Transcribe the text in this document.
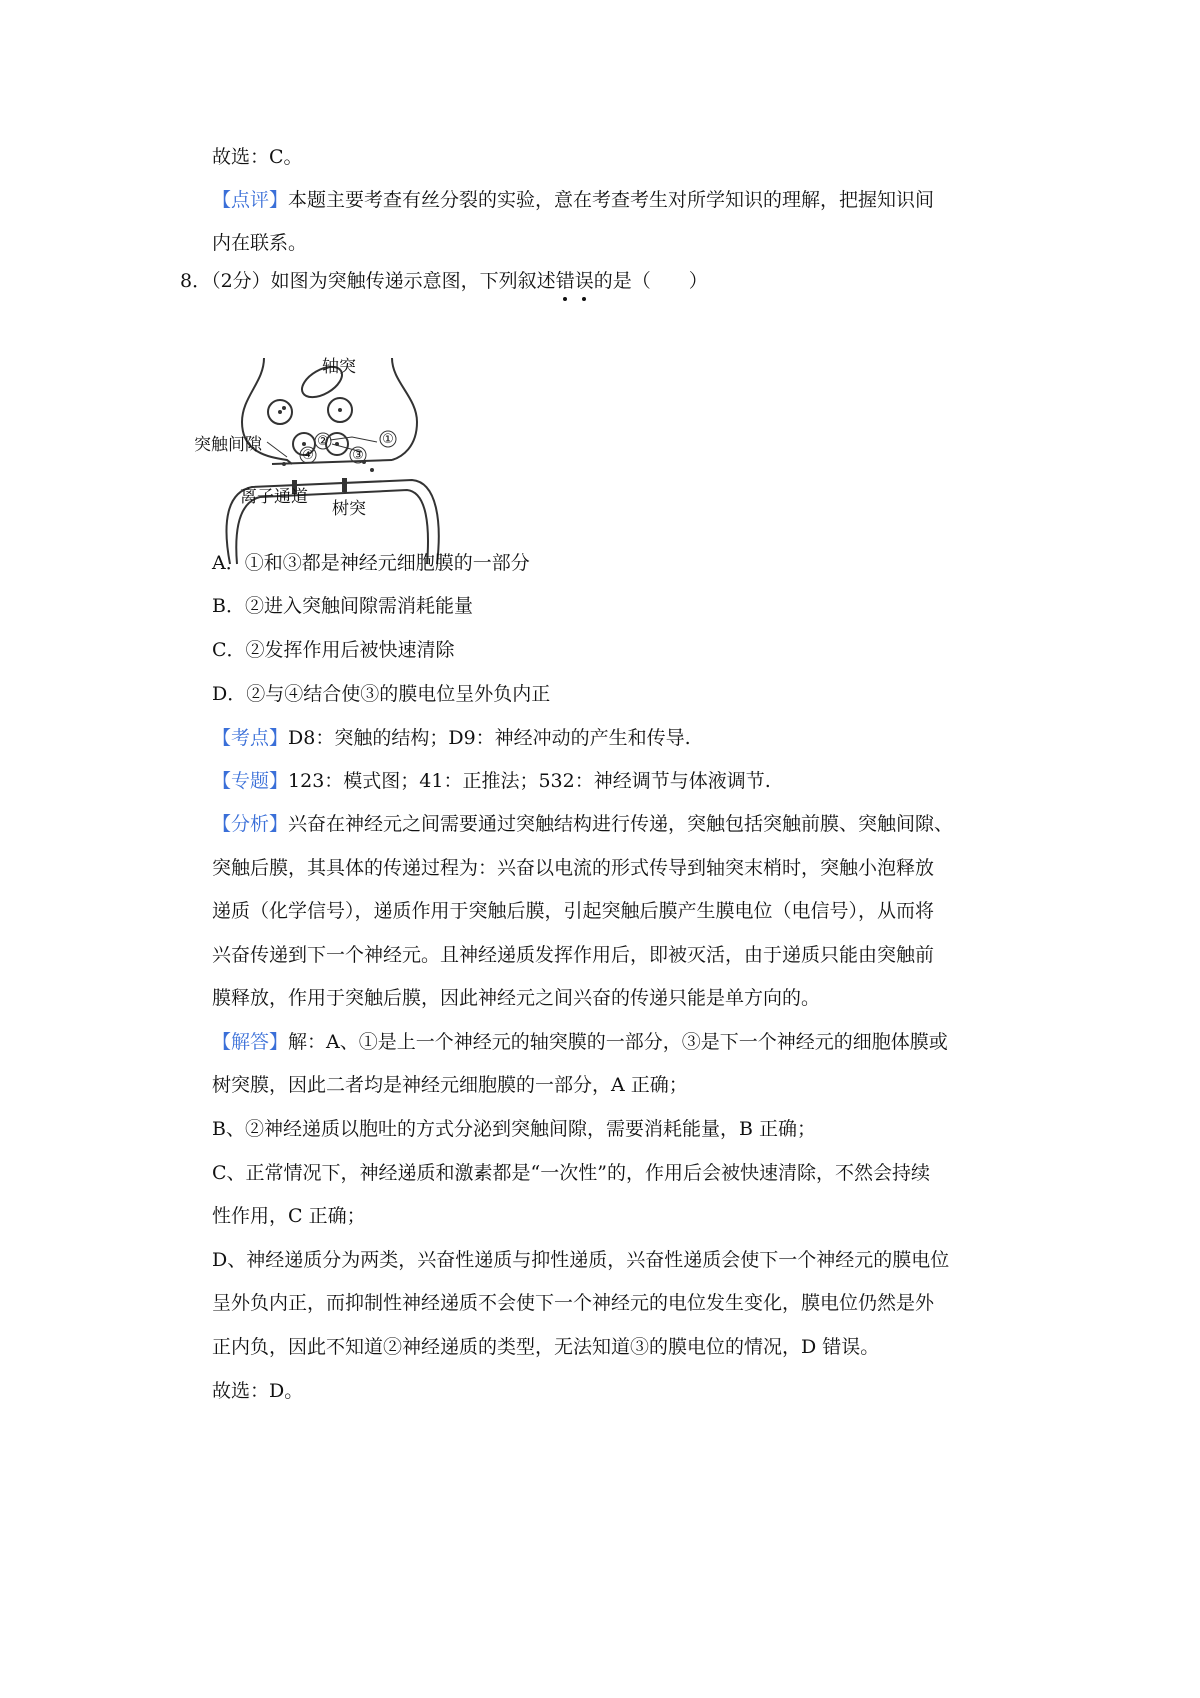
故选：C。
【点评】本题主要考查有丝分裂的实验，意在考查考生对所学知识的理解，把握知识间
内在联系。
8．（2分）如图为突触传递示意图，下列叙述错误
的是（　　）
②	①
④	③
轴突
突触间隙
离子通道
树突
A．①和③都是神经元细胞膜的一部分
B．②进入突触间隙需消耗能量
C．②发挥作用后被快速清除
D．②与④结合使③的膜电位呈外负内正
【考点】D8：突触的结构；D9：神经冲动的产生和传导.
【专题】123：模式图；41：正推法；532：神经调节与体液调节.
【分析】兴奋在神经元之间需要通过突触结构进行传递，突触包括突触前膜、突触间隙、
突触后膜，其具体的传递过程为：兴奋以电流的形式传导到轴突末梢时，突触小泡释放
递质（化学信号），递质作用于突触后膜，引起突触后膜产生膜电位（电信号），从而将
兴奋传递到下一个神经元。且神经递质发挥作用后，即被灭活，由于递质只能由突触前
膜释放，作用于突触后膜，因此神经元之间兴奋的传递只能是单方向的。
【解答】解：A、①是上一个神经元的轴突膜的一部分，③是下一个神经元的细胞体膜或
树突膜，因此二者均是神经元细胞膜的一部分，A 正确；
B、②神经递质以胞吐的方式分泌到突触间隙，需要消耗能量，B 正确；
C、正常情况下，神经递质和激素都是“一次性”的，作用后会被快速清除，不然会持续
性作用，C 正确；
D、神经递质分为两类，兴奋性递质与抑性递质，兴奋性递质会使下一个神经元的膜电位
呈外负内正，而抑制性神经递质不会使下一个神经元的电位发生变化，膜电位仍然是外
正内负，因此不知道②神经递质的类型，无法知道③的膜电位的情况，D 错误。
故选：D。
